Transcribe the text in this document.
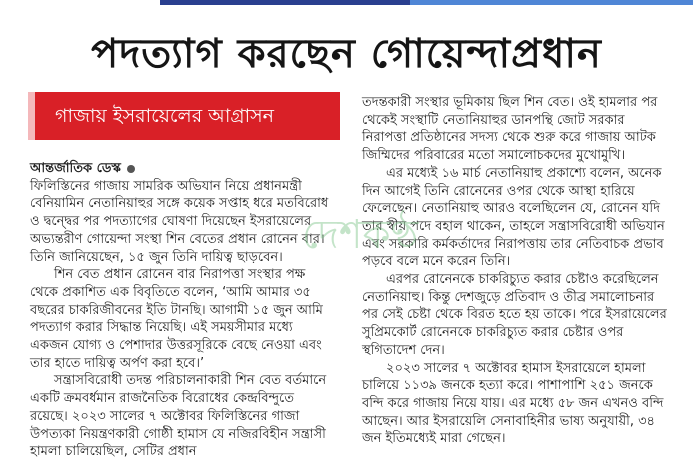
পদত্যাগ করছেন গোয়েন্দাপ্রধান
গাজায় ইসরায়েলের আগ্রাসন

আন্তর্জাতিক ডেস্ক

ফিলিস্তিনের গাজায় সামরিক অভিযান নিয়ে প্রধানমন্ত্রী বেনিয়ামিন নেতানিয়াহুর সঙ্গে কয়েক সপ্তাহ ধরে মতবিরোধ ও দ্বন্দ্বের পর পদত্যাগের ঘোষণা দিয়েছেন ইসরায়েলের অভ্যন্তরীণ গোয়েন্দা সংস্থা শিন বেতের প্রধান রোনেন বার। তিনি জানিয়েছেন, ১৫ জুন তিনি দায়িত্ব ছাড়বেন।

শিন বেত প্রধান রোনেন বার নিরাপত্তা সংস্থার পক্ষ থেকে প্রকাশিত এক বিবৃতিতে বলেন, ‘আমি আমার ৩৫ বছরের চাকরিজীবনের ইতি টানছি। আগামী ১৫ জুন আমি পদত্যাগ করার সিদ্ধান্ত নিয়েছি। এই সময়সীমার মধ্যে একজন যোগ্য ও পেশাদার উত্তরসূরিকে বেছে নেওয়া এবং তার হাতে দায়িত্ব অর্পণ করা হবে।’

সন্ত্রাসবিরোধী তদন্ত পরিচালনাকারী শিন বেত বর্তমানে একটি ক্রমবর্ধমান রাজনৈতিক বিরোধের কেন্দ্রবিন্দুতে রয়েছে। ২০২৩ সালের ৭ অক্টোবর ফিলিস্তিনের গাজা উপত্যকা নিয়ন্ত্রণকারী গোষ্ঠী হামাস যে নজিরবিহীন সন্ত্রাসী হামলা চালিয়েছিল, সেটির প্রধান

তদন্তকারী সংস্থার ভূমিকায় ছিল শিন বেত। ওই হামলার পর থেকেই সংস্থাটি নেতানিয়াহুর ডানপন্থি জোট সরকার নিরাপত্তা প্রতিষ্ঠানের সদস্য থেকে শুরু করে গাজায় আটক জিম্মিদের পরিবারের মতো সমালোচকদের মুখোমুখি।

এর মধ্যেই ১৬ মার্চ নেতানিয়াহু প্রকাশ্যে বলেন, অনেক দিন আগেই তিনি রোনেনের ওপর থেকে আস্থা হারিয়ে ফেলেছেন। নেতানিয়াহু আরও বলেছিলেন যে, রোনেন যদি তার স্বীয় পদে বহাল থাকেন, তাহলে সন্ত্রাসবিরোধী অভিযান এবং সরকারি কর্মকর্তাদের নিরাপত্তায় তার নেতিবাচক প্রভাব পড়বে বলে মনে করেন তিনি।

এরপর রোনেনকে চাকরিচ্যুত করার চেষ্টাও করেছিলেন নেতানিয়াহু। কিন্তু দেশজুড়ে প্রতিবাদ ও তীব্র সমালোচনার পর সেই চেষ্টা থেকে বিরত হতে হয় তাকে। পরে ইসরায়েলের সুপ্রিমকোর্ট রোনেনকে চাকরিচ্যুত করার চেষ্টার ওপর স্থগিতাদেশ দেন।

২০২৩ সালের ৭ অক্টোবর হামাস ইসরায়েলে হামলা চালিয়ে ১১৩৯ জনকে হত্যা করে। পাশাপাশি ২৫১ জনকে বন্দি করে গাজায় নিয়ে যায়। এর মধ্যে ৫৮ জন এখনও বন্দি আছেন। আর ইসরায়েলি সেনাবাহিনীর ভাষ্য অনুযায়ী, ৩৪ জন ইতিমধ্যেই মারা গেছেন।

দেশকণ্ঠ
